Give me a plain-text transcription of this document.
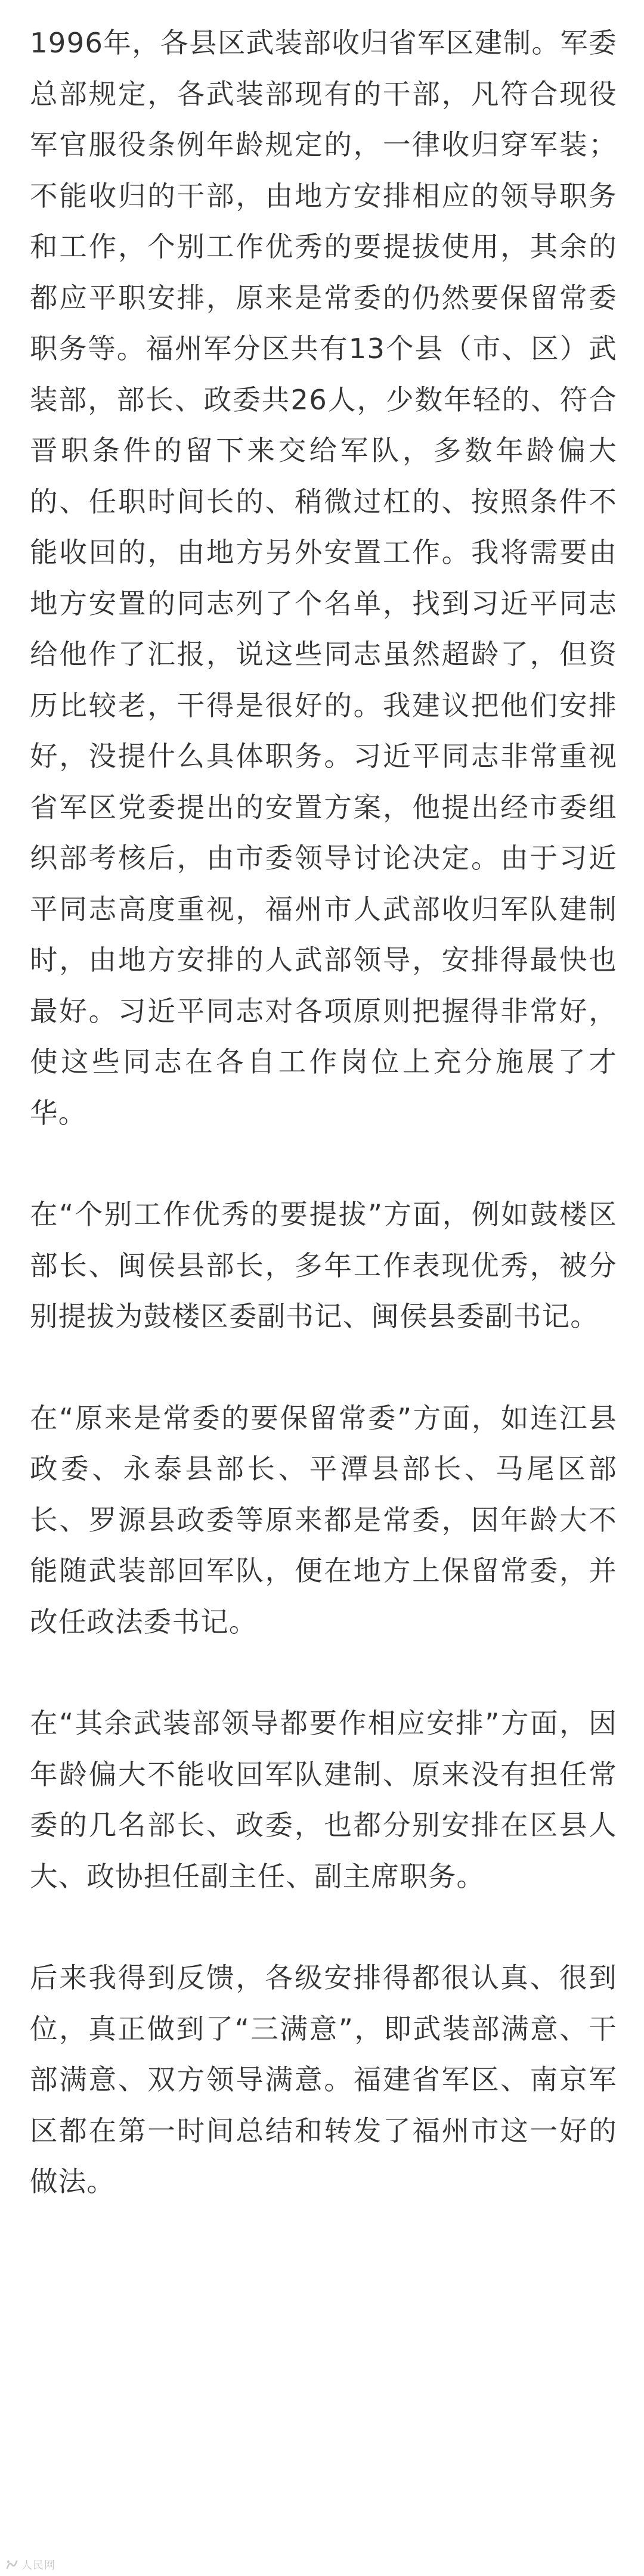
1996年，各县区武装部收归省军区建制。军委总部规定，各武装部现有的干部，凡符合现役军官服役条例年龄规定的，一律收归穿军装；不能收归的干部，由地方安排相应的领导职务和工作，个别工作优秀的要提拔使用，其余的都应平职安排，原来是常委的仍然要保留常委职务等。福州军分区共有13个县（市、区）武装部，部长、政委共26人，少数年轻的、符合晋职条件的留下来交给军队，多数年龄偏大的、任职时间长的、稍微过杠的、按照条件不能收回的，由地方另外安置工作。我将需要由地方安置的同志列了个名单，找到习近平同志给他作了汇报，说这些同志虽然超龄了，但资历比较老，干得是很好的。我建议把他们安排好，没提什么具体职务。习近平同志非常重视省军区党委提出的安置方案，他提出经市委组织部考核后，由市委领导讨论决定。由于习近平同志高度重视，福州市人武部收归军队建制时，由地方安排的人武部领导，安排得最快也最好。习近平同志对各项原则把握得非常好，使这些同志在各自工作岗位上充分施展了才华。

在“个别工作优秀的要提拔”方面，例如鼓楼区部长、闽侯县部长，多年工作表现优秀，被分别提拔为鼓楼区委副书记、闽侯县委副书记。

在“原来是常委的要保留常委”方面，如连江县政委、永泰县部长、平潭县部长、马尾区部长、罗源县政委等原来都是常委，因年龄大不能随武装部回军队，便在地方上保留常委，并改任政法委书记。

在“其余武装部领导都要作相应安排”方面，因年龄偏大不能收回军队建制、原来没有担任常委的几名部长、政委，也都分别安排在区县人大、政协担任副主任、副主席职务。

后来我得到反馈，各级安排得都很认真、很到位，真正做到了“三满意”，即武装部满意、干部满意、双方领导满意。福建省军区、南京军区都在第一时间总结和转发了福州市这一好的做法。

人民网
